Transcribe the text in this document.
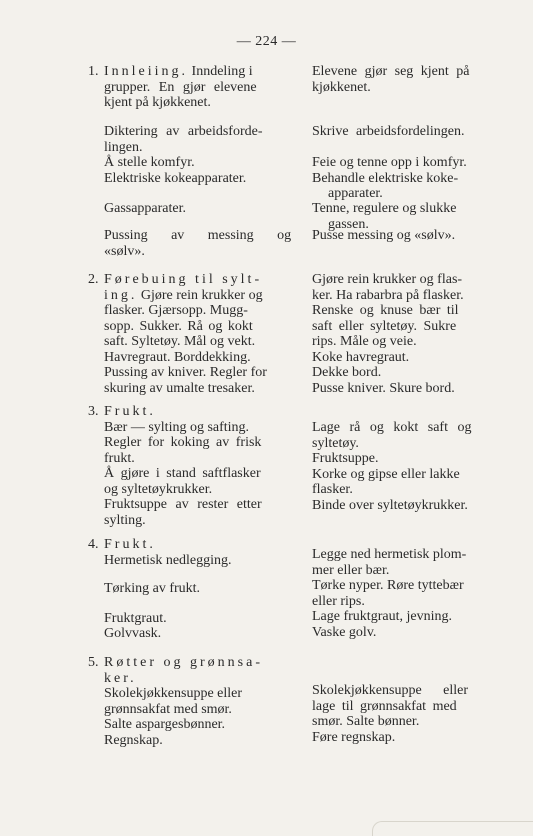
— 224 —
1. Innleiing. Inndeling i
grupper. En gjør elevene
kjent på kjøkkenet.
Elevene gjør seg kjent på
kjøkkenet.
Diktering av arbeidsforde-
lingen.
Skrive arbeidsfordelingen.
Å stelle komfyr.
Elektriske kokeapparater.
Feie og tenne opp i komfyr.
Behandle elektriske koke-
apparater.
Gassapparater.	Tenne, regulere og slukke
gassen.
Pussing av messing og
«sølv».
Pusse messing og «sølv».
2. Førebuing til sylt-
ing. Gjøre rein krukker og
flasker. Gjærsopp. Mugg-
sopp. Sukker. Rå og kokt
saft. Syltetøy. Mål og vekt.
Havregraut. Borddekking.
Pussing av kniver. Regler for
skuring av umalte tresaker.
Gjøre rein krukker og flas-
ker. Ha rabarbra på flasker.
Renske og knuse bær til
saft eller syltetøy. Sukre
rips. Måle og veie.
Koke havregraut.
Dekke bord.
Pusse kniver. Skure bord.
3. Frukt.
Bær — sylting og safting.
Regler for koking av frisk
frukt.
Å gjøre i stand saftflasker
og syltetøykrukker.
Fruktsuppe av rester etter
sylting.
Lage rå og kokt saft og
syltetøy.
Fruktsuppe.
Korke og gipse eller lakke
flasker.
Binde over syltetøykrukker.
4. Frukt.
Hermetisk nedlegging.
Tørking av frukt.
Fruktgraut.
Golvvask.
Legge ned hermetisk plom-
mer eller bær.
Tørke nyper. Røre tyttebær
eller rips.
Lage fruktgraut, jevning.
Vaske golv.
5. Røtter og grønnsa-
ker.
Skolekjøkkensuppe eller
grønnsakfat med smør.
Salte aspargesbønner.
Regnskap.
Skolekjøkkensuppe eller
lage til grønnsakfat med
smør. Salte bønner.
Føre regnskap.
